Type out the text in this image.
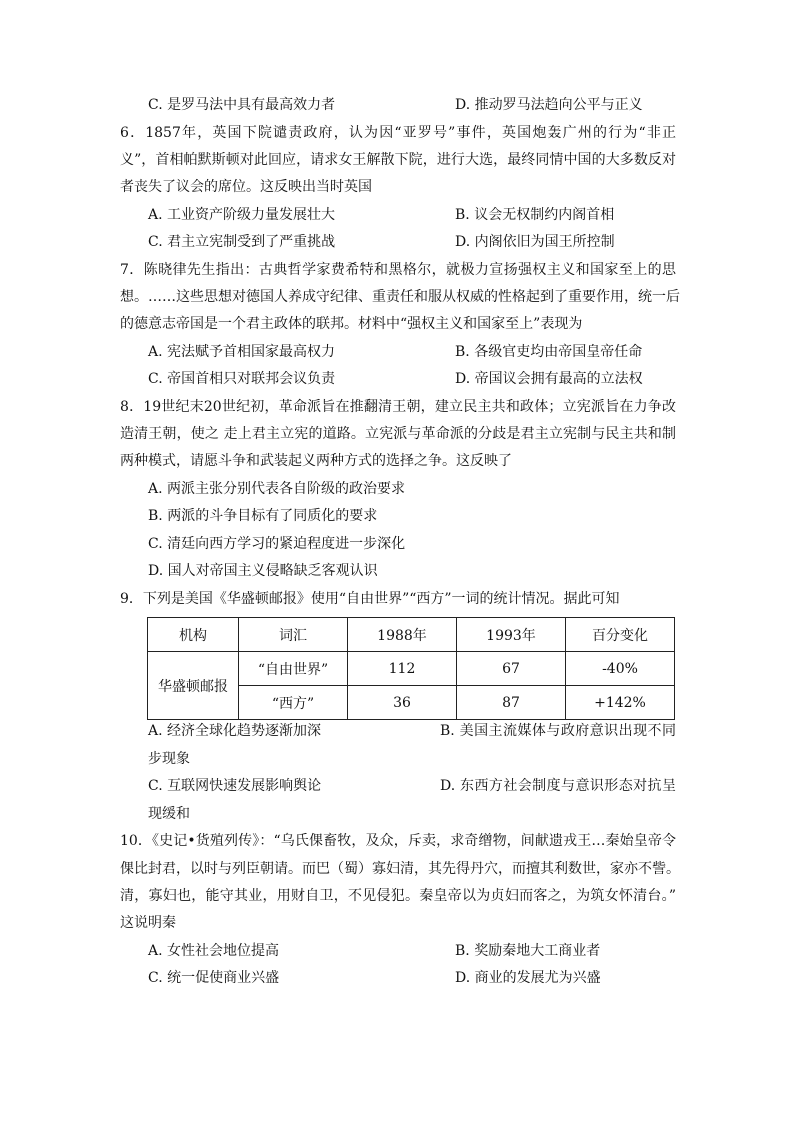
C. 是罗马法中具有最高效力者	D. 推动罗马法趋向公平与正义
6．1857年，英国下院谴责政府，认为因“亚罗号”事件，英国炮轰广州的行为“非正
义”，首相帕默斯顿对此回应，请求女王解散下院，进行大选，最终同情中国的大多数反对
者丧失了议会的席位。这反映出当时英国
A. 工业资产阶级力量发展壮大	B. 议会无权制约内阁首相
C. 君主立宪制受到了严重挑战	D. 内阁依旧为国王所控制
7．陈晓律先生指出：古典哲学家费希特和黑格尔，就极力宣扬强权主义和国家至上的思
想。……这些思想对德国人养成守纪律、重责任和服从权威的性格起到了重要作用，统一后
的德意志帝国是一个君主政体的联邦。材料中“强权主义和国家至上”表现为
A. 宪法赋予首相国家最高权力	B. 各级官吏均由帝国皇帝任命
C. 帝国首相只对联邦会议负责	D. 帝国议会拥有最高的立法权
8．19世纪末20世纪初，革命派旨在推翻清王朝，建立民主共和政体；立宪派旨在力争改
造清王朝，使之 走上君主立宪的道路。立宪派与革命派的分歧是君主立宪制与民主共和制
两种模式，请愿斗争和武装起义两种方式的选择之争。这反映了
A. 两派主张分别代表各自阶级的政治要求
B. 两派的斗争目标有了同质化的要求
C. 清廷向西方学习的紧迫程度进一步深化
D. 国人对帝国主义侵略缺乏客观认识
9．下列是美国《华盛顿邮报》使用“自由世界”“西方”一词的统计情况。据此可知
机构	词汇	1988年	1993年	百分变化
华盛顿邮报	“自由世界”	112	67	-40%
	“西方”	36	87	+142%
A. 经济全球化趋势逐渐加深	B. 美国主流媒体与政府意识出现不同
步现象
C. 互联网快速发展影响舆论	D. 东西方社会制度与意识形态对抗呈
现缓和
10．《史记•货殖列传》：“乌氏倮畜牧，及众，斥卖，求奇缯物，间献遗戎王…秦始皇帝令
倮比封君，以时与列臣朝请。而巴（蜀）寡妇清，其先得丹穴，而擅其利数世，家亦不訾。
清，寡妇也，能守其业，用财自卫，不见侵犯。秦皇帝以为贞妇而客之，为筑女怀清台。”
这说明秦
A. 女性社会地位提高	B. 奖励秦地大工商业者
C. 统一促使商业兴盛	D. 商业的发展尤为兴盛
